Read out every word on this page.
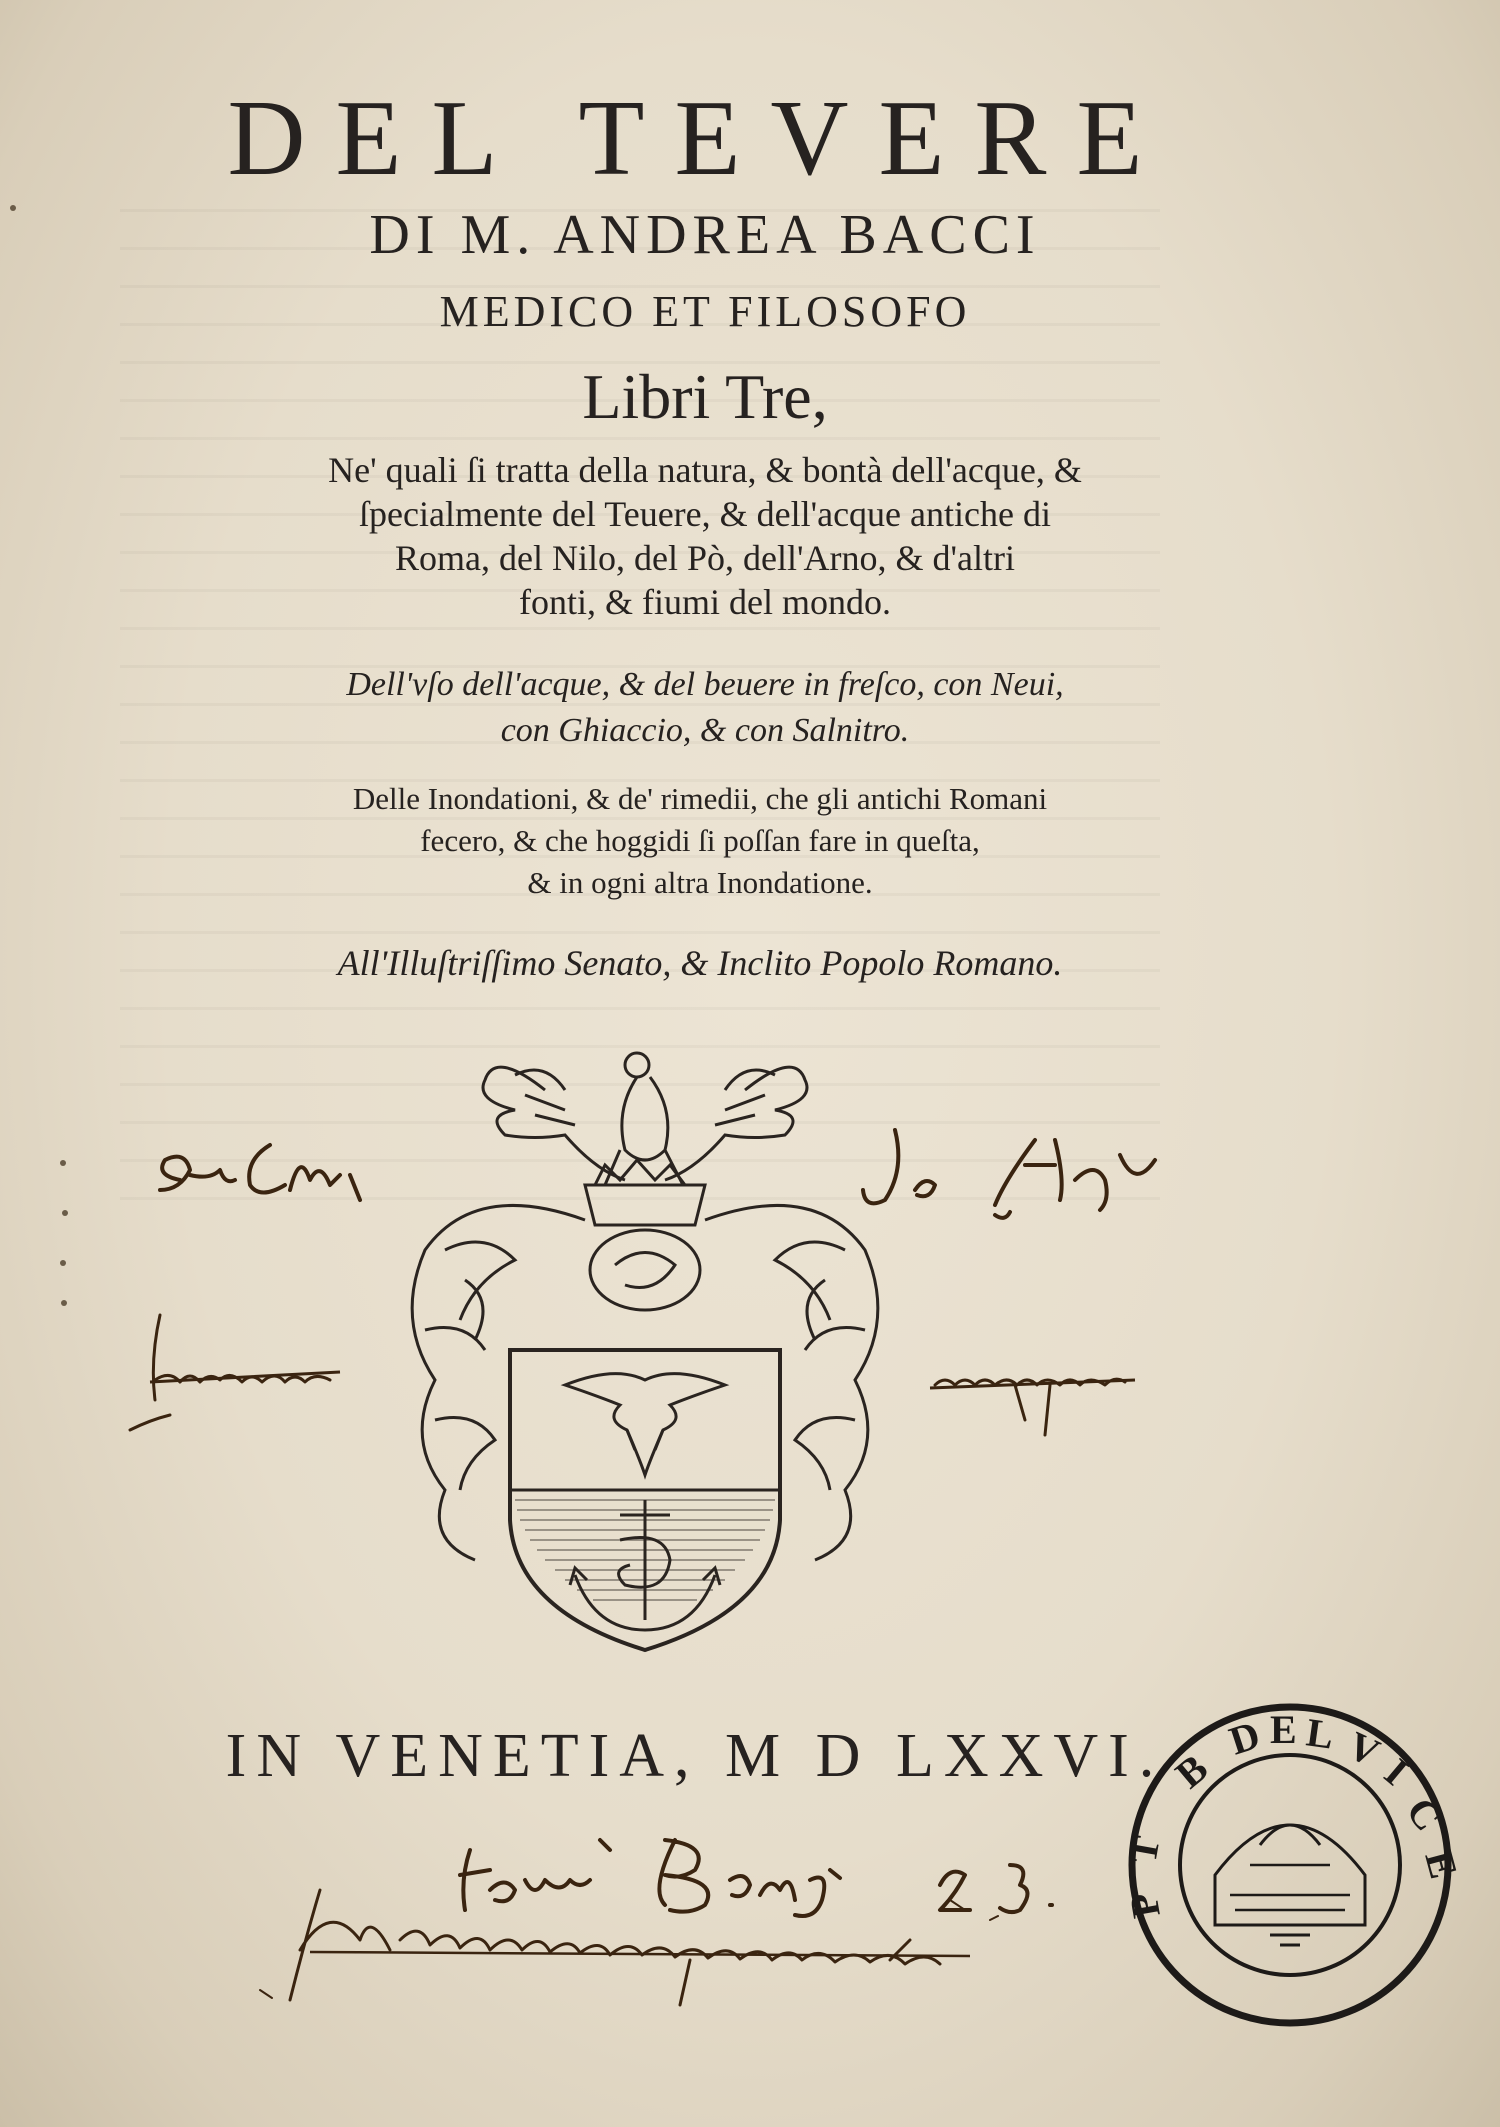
DEL TEVERE
DI M. ANDREA BACCI
MEDICO ET FILOSOFO
Libri Tre,
Ne' quali ſi tratta della natura, & bontà dell'acque, &
ſpecialmente del Teuere, & dell'acque antiche di
Roma, del Nilo, del Pò, dell'Arno, & d'altri
fonti, & fiumi del mondo.
Dell'vſo dell'acque, & del beuere in freſco, con Neui,
con Ghiaccio, & con Salnitro.
Delle Inondationi, & de' rimedii, che gli antichi Romani
fecero, & che hoggidi ſi poſſan fare in queſta,
& in ogni altra Inondatione.
All'Illuſtriſſimo Senato, & Inclito Popolo Romano.
IN VENETIA, M D LXXVI. B
D E L V
I
C
E
T
P
